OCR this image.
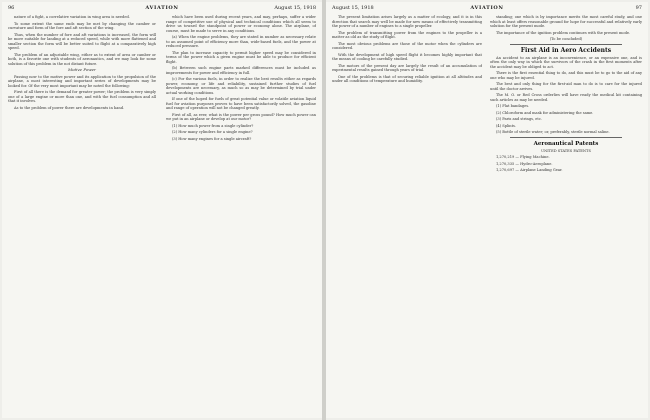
96	AVIATION	August 15, 1918

nature of a fight, a correlative variation in wing area is needed.

To some extent the same ends may be met by changing the camber or curvature and form of the fore and aft section of the wing.

Thus, when the number of fore and aft variations is increased, the form will be more suitable for landing at a reduced speed, while with more flattened and smaller section the form will be better suited to flight at a comparatively high speed.

The problem of an adjustable wing, either as to extent of area or camber or both, is a favorite one with students of aeronautics, and we may look for some solution of this problem in the not distant future.

Motive Power

Passing now to the motive power and its application to the propulsion of the airplane, a most interesting and important series of developments may be looked for. Of the very most important may be noted the following:

First of all there is the demand for greater power; the problem is very simply one of a large engine or more than one, and with the fuel consumption and all that it involves.

As to the problem of power there are developments in hand.

which have been used during recent years, and may, perhaps, suffer a wider range of competitive use of physical and technical conditions which all seem to drive us toward the standpoint of power or economy alone. The airplane, of course, must be made to serve in any conditions.

(a) When the engine problems, they are stated in number as necessary relate to an assumed point of efficiency more than, wide-based fuels, and the power at reduced pressure.

The plan to increase capacity to permit higher speed may be considered in terms of the power which a given engine must be able to produce for efficient flight.

(b) Between such engine parts marked differences must be included as improvements for power and efficiency in full.

(c) For the various fuels, in order to realize the best results either as regards power, economy, or life and reliability, sustained further studies of fuel developments are necessary, as much so as may be determined by trial under actual working conditions.

If one of the hoped for fuels of great potential value or volatile aviation liquid fuel for aviation purposes proves to have been satisfactorily solved, the gasoline and range of operation will not be changed greatly.

First of all, as ever, what is the power per gross pound? How much power can we put in an airplane or develop at our motor?

(1) How much power from a single cylinder?

(2) How many cylinders for a single engine?

(3) How many engines for a single aircraft?

August 15, 1918	AVIATION	97

The present limitation arises largely as a matter of ecology, and it is in this direction that search may well be made for new means of effectively transmitting the power of a number of engines to a single propeller.

The problem of transmitting power from the engines to the propeller is a matter as old as the study of flight.

The most obvious problems are those of the motor when the cylinders are considered.

With the development of high speed flight it becomes highly important that the means of cooling be carefully studied.

The motors of the present day are largely the result of an accumulation of experimental results gained through years of trial.

One of the problems is that of securing reliable ignition at all altitudes and under all conditions of temperature and humidity.

standing; one which is by importance merits the most careful study, and one which at least offers reasonable ground for hope for successful and relatively early solution for the present mode.

The importance of the ignition problem continues with the present mode.

(To be concluded)

First Aid in Aero Accidents

An accident to an airplane is an inconvenience, or an expensive one, and is often the only way in which the survivors of the crash in the first moments after the accident may be obliged to act.

There is the first essential thing to do, and this must be to go to the aid of any one who may be injured.

The best and only thing for the first-aid man to do is to care for the injured until the doctor arrives.

The M. O. or Red Cross orderlies will have ready the medical kit containing such articles as may be needed.

(1) Flat bandages.

(2) Chloroform and mask for administering the same.

(3) Paris and strings, etc.

(4) Splints.

(5) Bottle of sterile water; or, preferably, sterile normal saline.

Aeronautical Patents

UNITED STATES PATENTS

1,270,219 — Flying Machine.

1,270,335 — Hydro-Aeroplane.

1,270,697 — Airplane Landing Gear.
